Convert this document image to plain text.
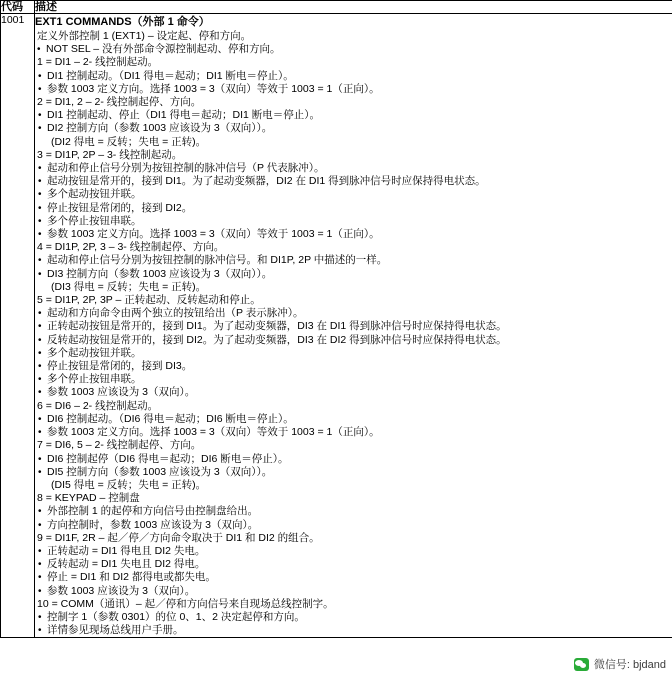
代码	描述
1001	EXT1 COMMANDS（外部 1 命令）
定义外部控制 1 (EXT1) – 设定起、停和方向。
• NOT SEL – 没有外部命令源控制起动、停和方向。
1 = DI1 – 2- 线控制起动。
• DI1 控制起动。（DI1 得电＝起动；DI1 断电＝停止）。
• 参数 1003 定义方向。选择 1003 = 3（双向）等效于 1003 = 1（正向）。
2 = DI1, 2 – 2- 线控制起停、方向。
• DI1 控制起动、停止（DI1 得电＝起动；DI1 断电＝停止）。
• DI2 控制方向（参数 1003 应该设为 3（双向））。
(DI2 得电 = 反转；失电 = 正转)。
3 = DI1P, 2P – 3- 线控制起动。
• 起动和停止信号分别为按钮控制的脉冲信号（P 代表脉冲）。
• 起动按钮是常开的，接到 DI1。为了起动变频器，DI2 在 DI1 得到脉冲信号时应保持得电状态。
• 多个起动按钮并联。
• 停止按钮是常闭的，接到 DI2。
• 多个停止按钮串联。
• 参数 1003 定义方向。选择 1003 = 3（双向）等效于 1003 = 1（正向）。
4 = DI1P, 2P, 3 – 3- 线控制起停、方向。
• 起动和停止信号分别为按钮控制的脉冲信号。和 DI1P, 2P 中描述的一样。
• DI3 控制方向（参数 1003 应该设为 3（双向））。
(DI3 得电 = 反转；失电 = 正转)。
5 = DI1P, 2P, 3P – 正转起动、反转起动和停止。
• 起动和方向命令由两个独立的按钮给出（P 表示脉冲）。
• 正转起动按钮是常开的，接到 DI1。为了起动变频器，DI3 在 DI1 得到脉冲信号时应保持得电状态。
• 反转起动按钮是常开的，接到 DI2。为了起动变频器，DI3 在 DI2 得到脉冲信号时应保持得电状态。
• 多个起动按钮并联。
• 停止按钮是常闭的，接到 DI3。
• 多个停止按钮串联。
• 参数 1003 应该设为 3（双向）。
6 = DI6 – 2- 线控制起动。
• DI6 控制起动。（DI6 得电＝起动；DI6 断电＝停止）。
• 参数 1003 定义方向。选择 1003 = 3（双向）等效于 1003 = 1（正向）。
7 = DI6, 5 – 2- 线控制起停、方向。
• DI6 控制起停（DI6 得电＝起动；DI6 断电＝停止）。
• DI5 控制方向（参数 1003 应该设为 3（双向））。
(DI5 得电 = 反转；失电 = 正转)。
8 = KEYPAD – 控制盘
• 外部控制 1 的起停和方向信号由控制盘给出。
• 方向控制时，参数 1003 应该设为 3（双向）。
9 = DI1F, 2R – 起／停／方向命令取决于 DI1 和 DI2 的组合。
• 正转起动 = DI1 得电且 DI2 失电。
• 反转起动 = DI1 失电且 DI2 得电。
• 停止 = DI1 和 DI2 都得电或都失电。
• 参数 1003 应该设为 3（双向）。
10 = COMM（通讯）– 起／停和方向信号来自现场总线控制字。
• 控制字 1（参数 0301）的位 0、1、2 决定起停和方向。
• 详情参见现场总线用户手册。
微信号: bjdand
